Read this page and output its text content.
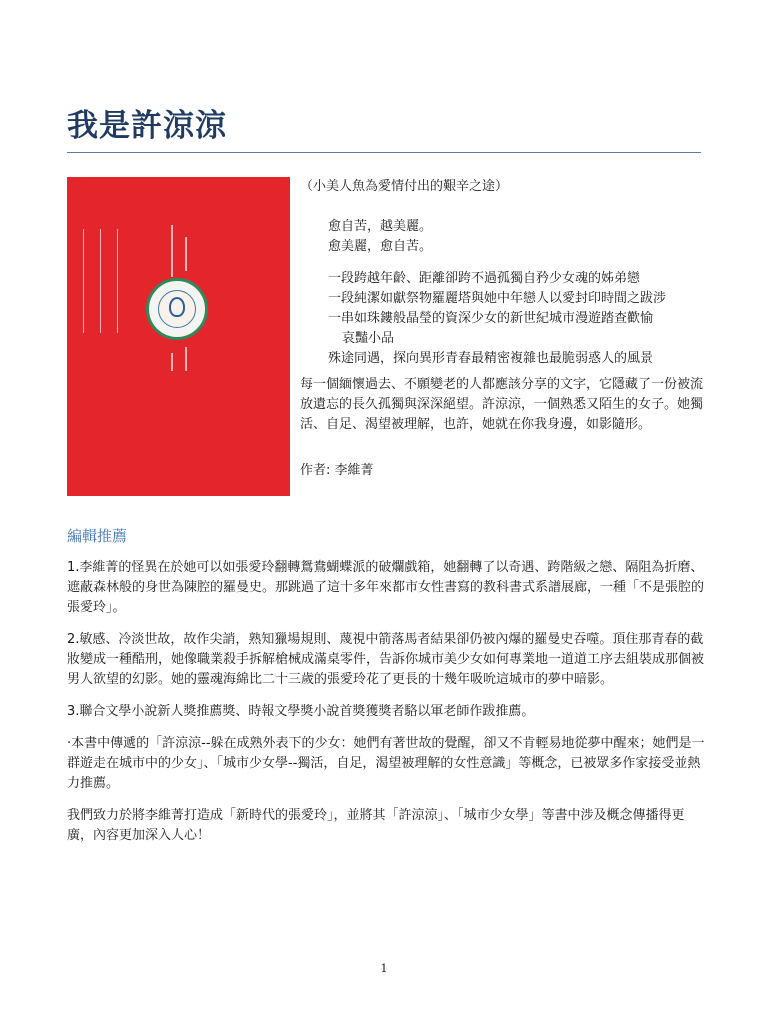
我是許涼涼
（小美人魚為愛情付出的艱辛之途）
愈自苦，越美麗。
愈美麗，愈自苦。
一段跨越年齡、距離卻跨不過孤獨自矜少女魂的姊弟戀
一段純潔如獻祭物羅麗塔與她中年戀人以愛封印時間之跋涉
一串如珠鏤般晶瑩的資深少女的新世紀城市漫遊踏查歡愉
哀豔小品
殊途同遇，探向異形青春最精密複雜也最脆弱惑人的風景
每一個緬懷過去、不願變老的人都應該分享的文字，它隱藏了一份被流放遺忘的長久孤獨與深深絕望。許涼涼，一個熟悉又陌生的女子。她獨活、自足、渴望被理解，也許，她就在你我身邊，如影隨形。
作者: 李維菁
編輯推薦

1.李維菁的怪異在於她可以如張愛玲翻轉鴛鴦蝴蝶派的破爛戲箱，她翻轉了以奇遇、跨階級之戀、隔阻為折磨、遮蔽森林般的身世為陳腔的羅曼史。那跳過了這十多年來都市女性書寫的教科書式系譜展廊，一種「不是張腔的張愛玲」。

2.敏感、冷淡世故，故作尖誚，熟知獵場規則、蔑視中箭落馬者結果卻仍被內爆的羅曼史吞噬。頂住那青春的截妝變成一種酷刑，她像職業殺手拆解槍械成滿桌零件，告訴你城市美少女如何專業地一道道工序去組裝成那個被男人欲望的幻影。她的靈魂海綿比二十三歲的張愛玲花了更長的十幾年吸吮這城市的夢中暗影。

3.聯合文學小說新人獎推薦獎、時報文學獎小說首獎獲獎者駱以軍老師作跋推薦。

·本書中傳遞的「許涼涼--躲在成熟外表下的少女：她們有著世故的覺醒，卻又不肯輕易地從夢中醒來；她們是一群遊走在城市中的少女」、「城市少女學--獨活，自足，渴望被理解的女性意識」等概念，已被眾多作家接受並熱力推薦。

我們致力於將李維菁打造成「新時代的張愛玲」，並將其「許涼涼」、「城市少女學」等書中涉及概念傳播得更廣，內容更加深入人心！

1
